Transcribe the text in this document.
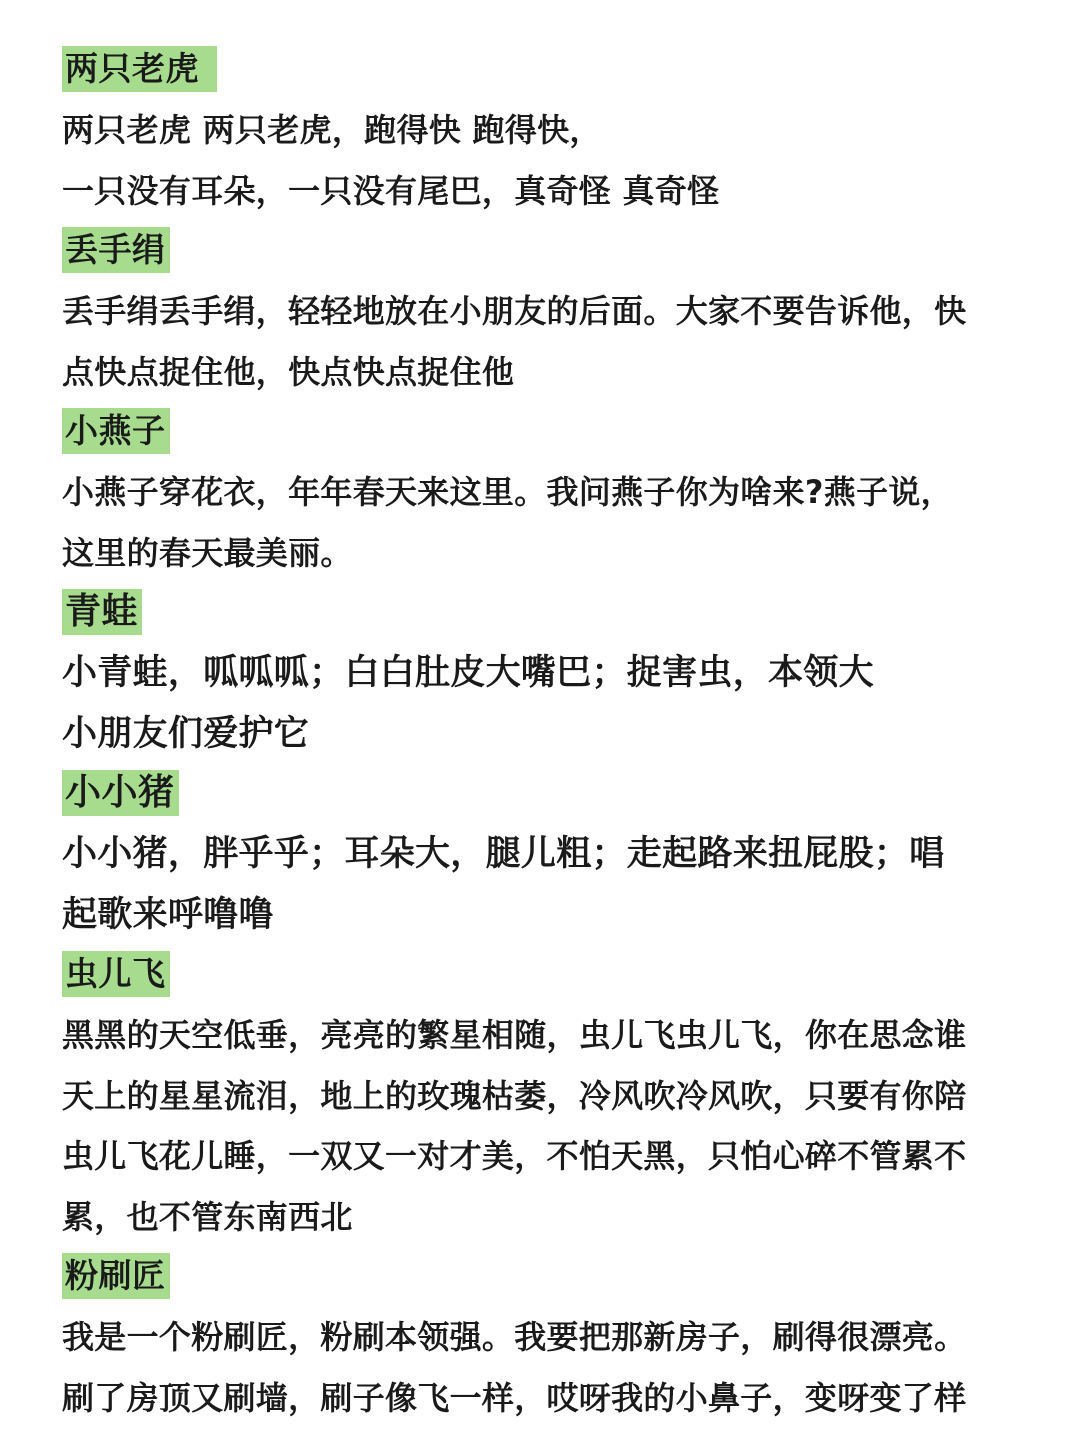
两只老虎
两只老虎 两只老虎，跑得快 跑得快，
一只没有耳朵，一只没有尾巴，真奇怪 真奇怪
丢手绢
丢手绢丢手绢，轻轻地放在小朋友的后面。大家不要告诉他，快
点快点捉住他，快点快点捉住他
小燕子
小燕子穿花衣，年年春天来这里。我问燕子你为啥来?燕子说，
这里的春天最美丽。
青蛙
小青蛙，呱呱呱；白白肚皮大嘴巴；捉害虫，本领大
小朋友们爱护它
小小猪
小小猪，胖乎乎；耳朵大，腿儿粗；走起路来扭屁股；唱
起歌来呼噜噜
虫儿飞
黑黑的天空低垂，亮亮的繁星相随，虫儿飞虫儿飞，你在思念谁
天上的星星流泪，地上的玫瑰枯萎，冷风吹冷风吹，只要有你陪
虫儿飞花儿睡，一双又一对才美，不怕天黑，只怕心碎不管累不
累，也不管东南西北
粉刷匠
我是一个粉刷匠，粉刷本领强。我要把那新房子，刷得很漂亮。
刷了房顶又刷墙，刷子像飞一样，哎呀我的小鼻子，变呀变了样
